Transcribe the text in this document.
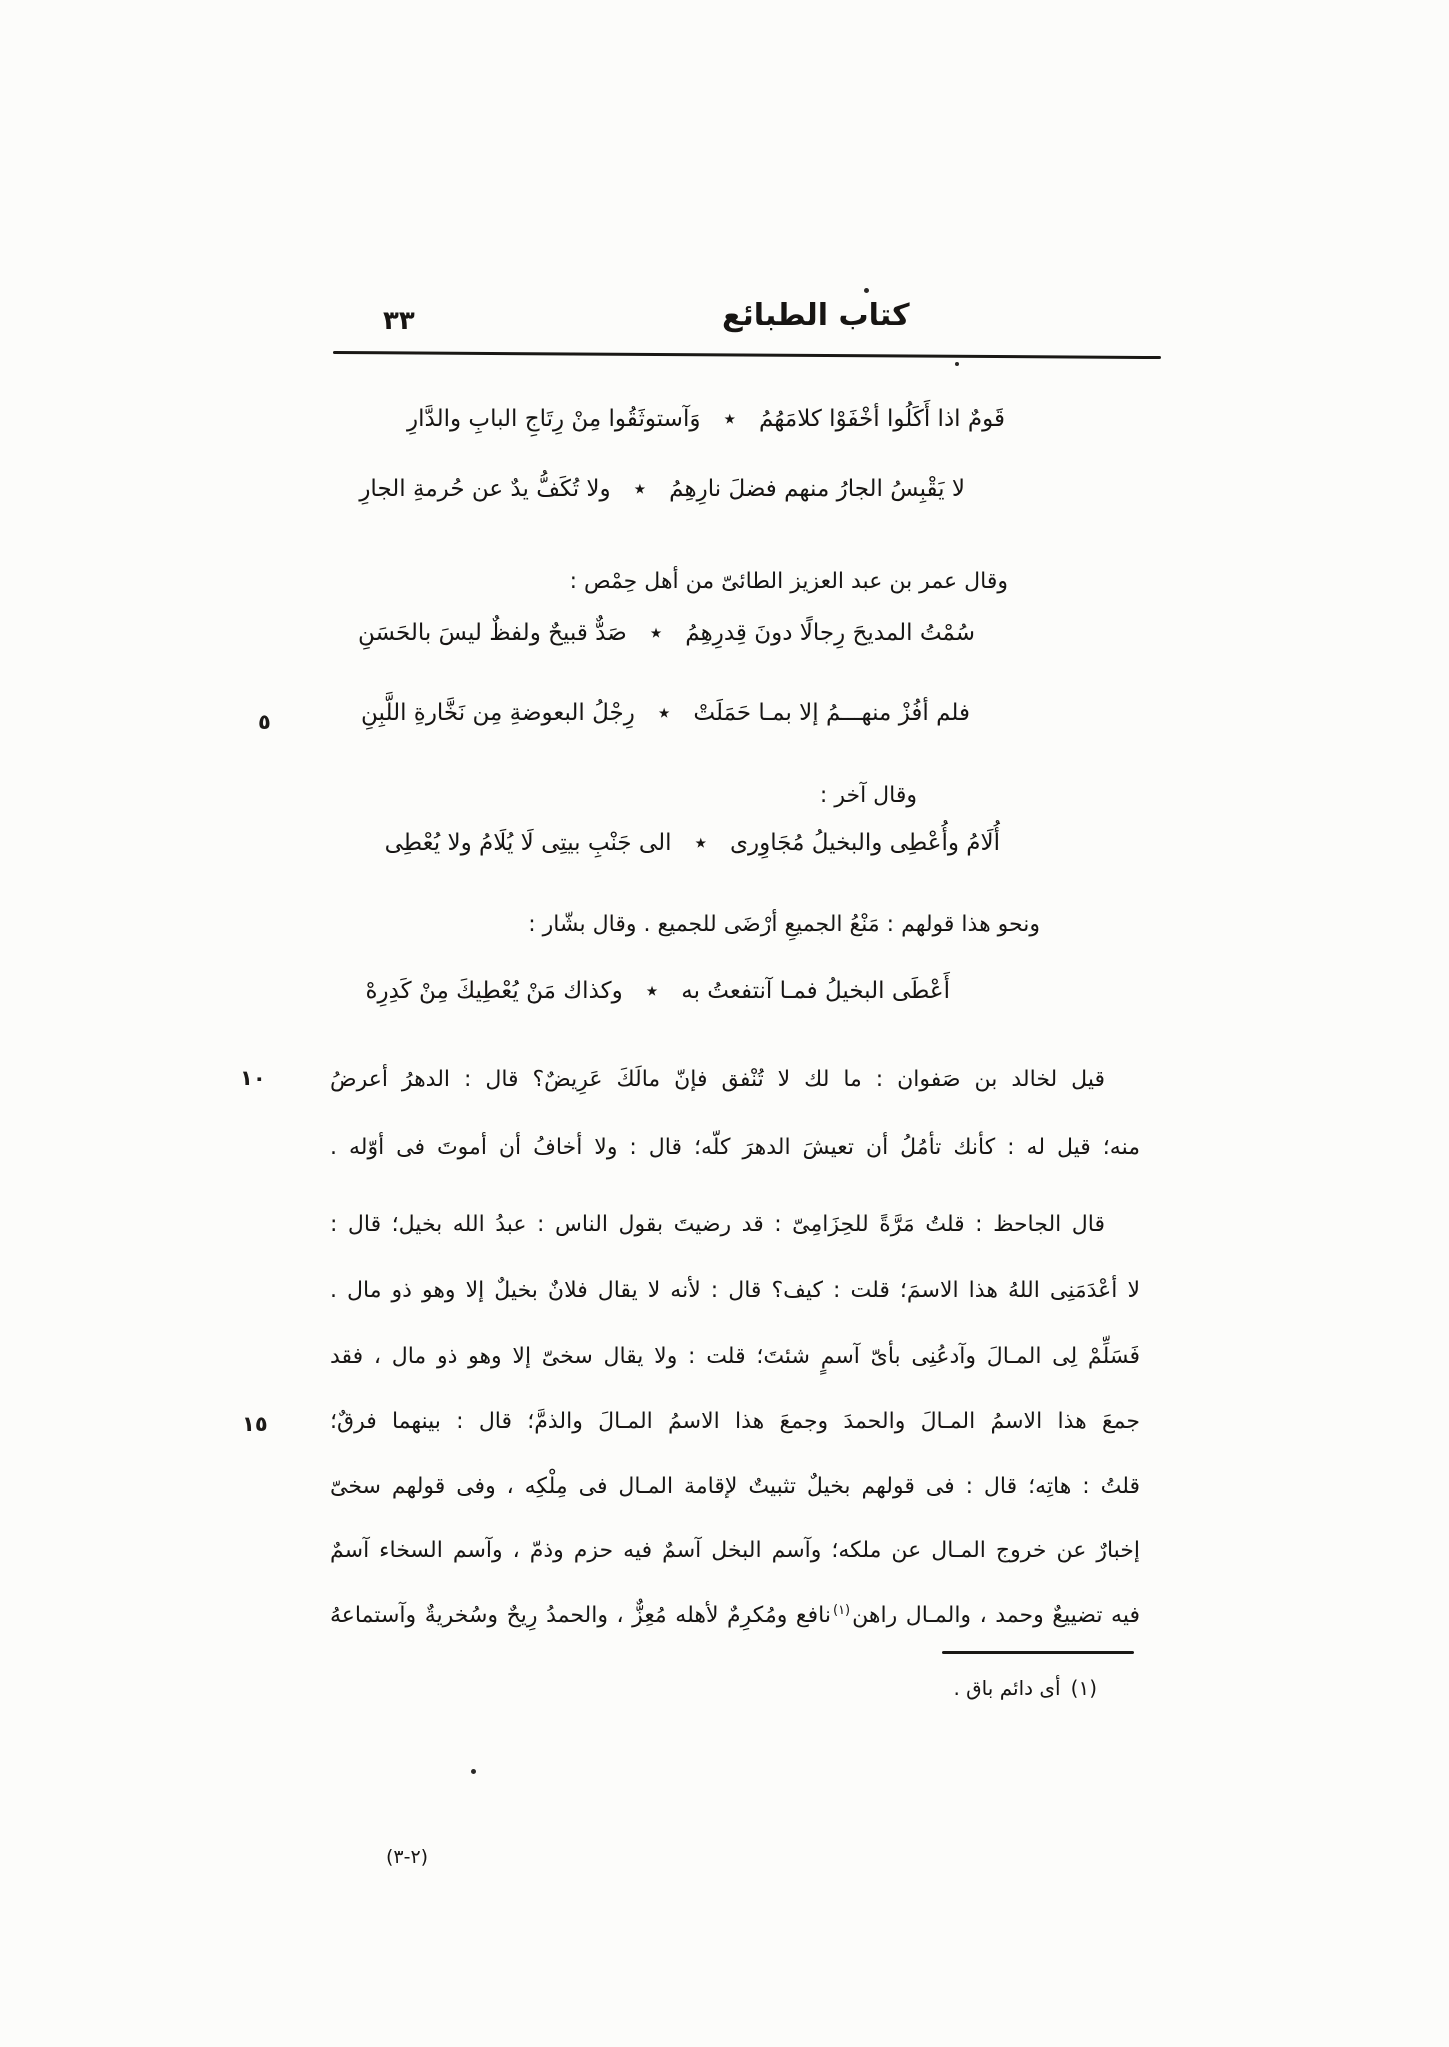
٣٣	كتاب الطبائع
٥
١٠
١٥
قَومٌ اذا أَكَلُوا أخْفَوْا كلامَهُمُ ٭ وَآستوثَقُوا مِنْ رِتَاجِ البابِ والدَّارِ
لا يَقْبِسُ الجارُ منهم فضلَ نارِهِمُ ٭ ولا تُكَفُّ يدٌ عن حُرمةِ الجارِ
وقال عمر بن عبد العزيز الطائىّ من أهل حِمْص :
سُمْتُ المديحَ رِجالًا دونَ قِدرِهِمُ ٭ صَدٌّ قبيحٌ ولفظٌ ليسَ بالحَسَنِ
فلم أفُزْ منهـــمُ إلا بمـا حَمَلَتْ ٭ رِجْلُ البعوضةِ مِن نَخَّارةِ اللَّبِنِ
وقال آخر :
أُلَامُ وأُعْطِى والبخيلُ مُجَاوِرى ٭ الى جَنْبِ بيتِى لَا يُلَامُ ولا يُعْطِى
ونحو هذا قولهم : مَنْعُ الجميعِ أرْضَى للجميع . وقال بشّار :
أَعْطَى البخيلُ فمـا آنتفعتُ به ٭ وكذاك مَنْ يُعْطِيكَ مِنْ كَدِرِهْ
قيل لخالد بن صَفوان : ما لك لا تُنْفق فإنّ مالَكَ عَرِيضٌ؟ قال : الدهرُ أعرضُ
منه؛ قيل له : كأنك تأمُلُ أن تعيشَ الدهرَ كلّه؛ قال : ولا أخافُ أن أموتَ فى أوّله .
قال الجاحظ : قلتُ مَرَّةً للحِزَامِىّ : قد رضيتَ بقول الناس : عبدُ الله بخيل؛ قال :
لا أعْدَمَنِى اللهُ هذا الاسمَ؛ قلت : كيف؟ قال : لأنه لا يقال فلانٌ بخيلٌ إلا وهو ذو مال .
فَسَلِّمْ لِى المـالَ وآدعُنِى بأىّ آسمٍ شئتَ؛ قلت : ولا يقال سخىّ إلا وهو ذو مال ، فقد
جمعَ هذا الاسمُ المـالَ والحمدَ وجمعَ هذا الاسمُ المـالَ والذمَّ؛ قال : بينهما فرقٌ؛
قلتُ : هاتِه؛ قال : فى قولهم بخيلٌ تثبيتٌ لإقامة المـال فى مِلْكِه ، وفى قولهم سخىّ
إخبارٌ عن خروج المـال عن ملكه؛ وآسم البخل آسمٌ فيه حزم وذمّ ، وآسم السخاء آسمٌ
فيه تضييعٌ وحمد ، والمـال راهن$^{(١)}$نافع ومُكرِمٌ لأهله مُعِزٌّ ، والحمدُ رِيحٌ وسُخريةٌ وآستماعهُ
(١)أى دائم باق .
(٣-٢)
